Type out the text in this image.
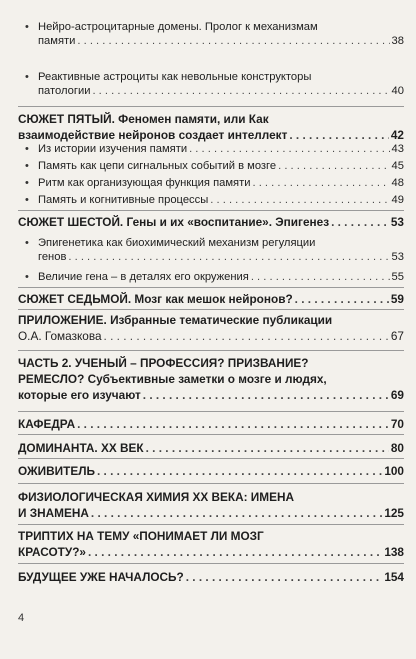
• Нейро-астроцитарные домены. Пролог к механизмам
памяти . . .	38
• Реактивные астроциты как невольные конструкторы
патологии . . .	40
СЮЖЕТ ПЯТЫЙ. Феномен памяти, или Как
взаимодействие нейронов создает интеллект . . .	42
• Из истории изучения памяти . . .	43
• Память как цепи сигнальных событий в мозге . . .	45
• Ритм как организующая функция памяти . . .	48
• Память и когнитивные процессы . . .	49
СЮЖЕТ ШЕСТОЙ. Гены и их «воспитание». Эпигенез . . .	53
• Эпигенетика как биохимический механизм регуляции
генов . . .	53
• Величие гена – в деталях его окружения . . .	55
СЮЖЕТ СЕДЬМОЙ. Мозг как мешок нейронов? . . .	59
ПРИЛОЖЕНИЕ. Избранные тематические публикации
О.А. Гомазкова . . .	67
ЧАСТЬ 2. УЧЕНЫЙ – ПРОФЕССИЯ? ПРИЗВАНИЕ?
РЕМЕСЛО? Субъективные заметки о мозге и людях,
которые его изучают . . .	69
КАФЕДРА . . .	70
ДОМИНАНТА. XX ВЕК . . .	80
ОЖИВИТЕЛЬ . . .	100
ФИЗИОЛОГИЧЕСКАЯ ХИМИЯ XX ВЕКА: ИМЕНА
И ЗНАМЕНА . . .	125
ТРИПТИХ НА ТЕМУ «ПОНИМАЕТ ЛИ МОЗГ
КРАСОТУ?» . . .	138
БУДУЩЕЕ УЖЕ НАЧАЛОСЬ? . . .	154
4
